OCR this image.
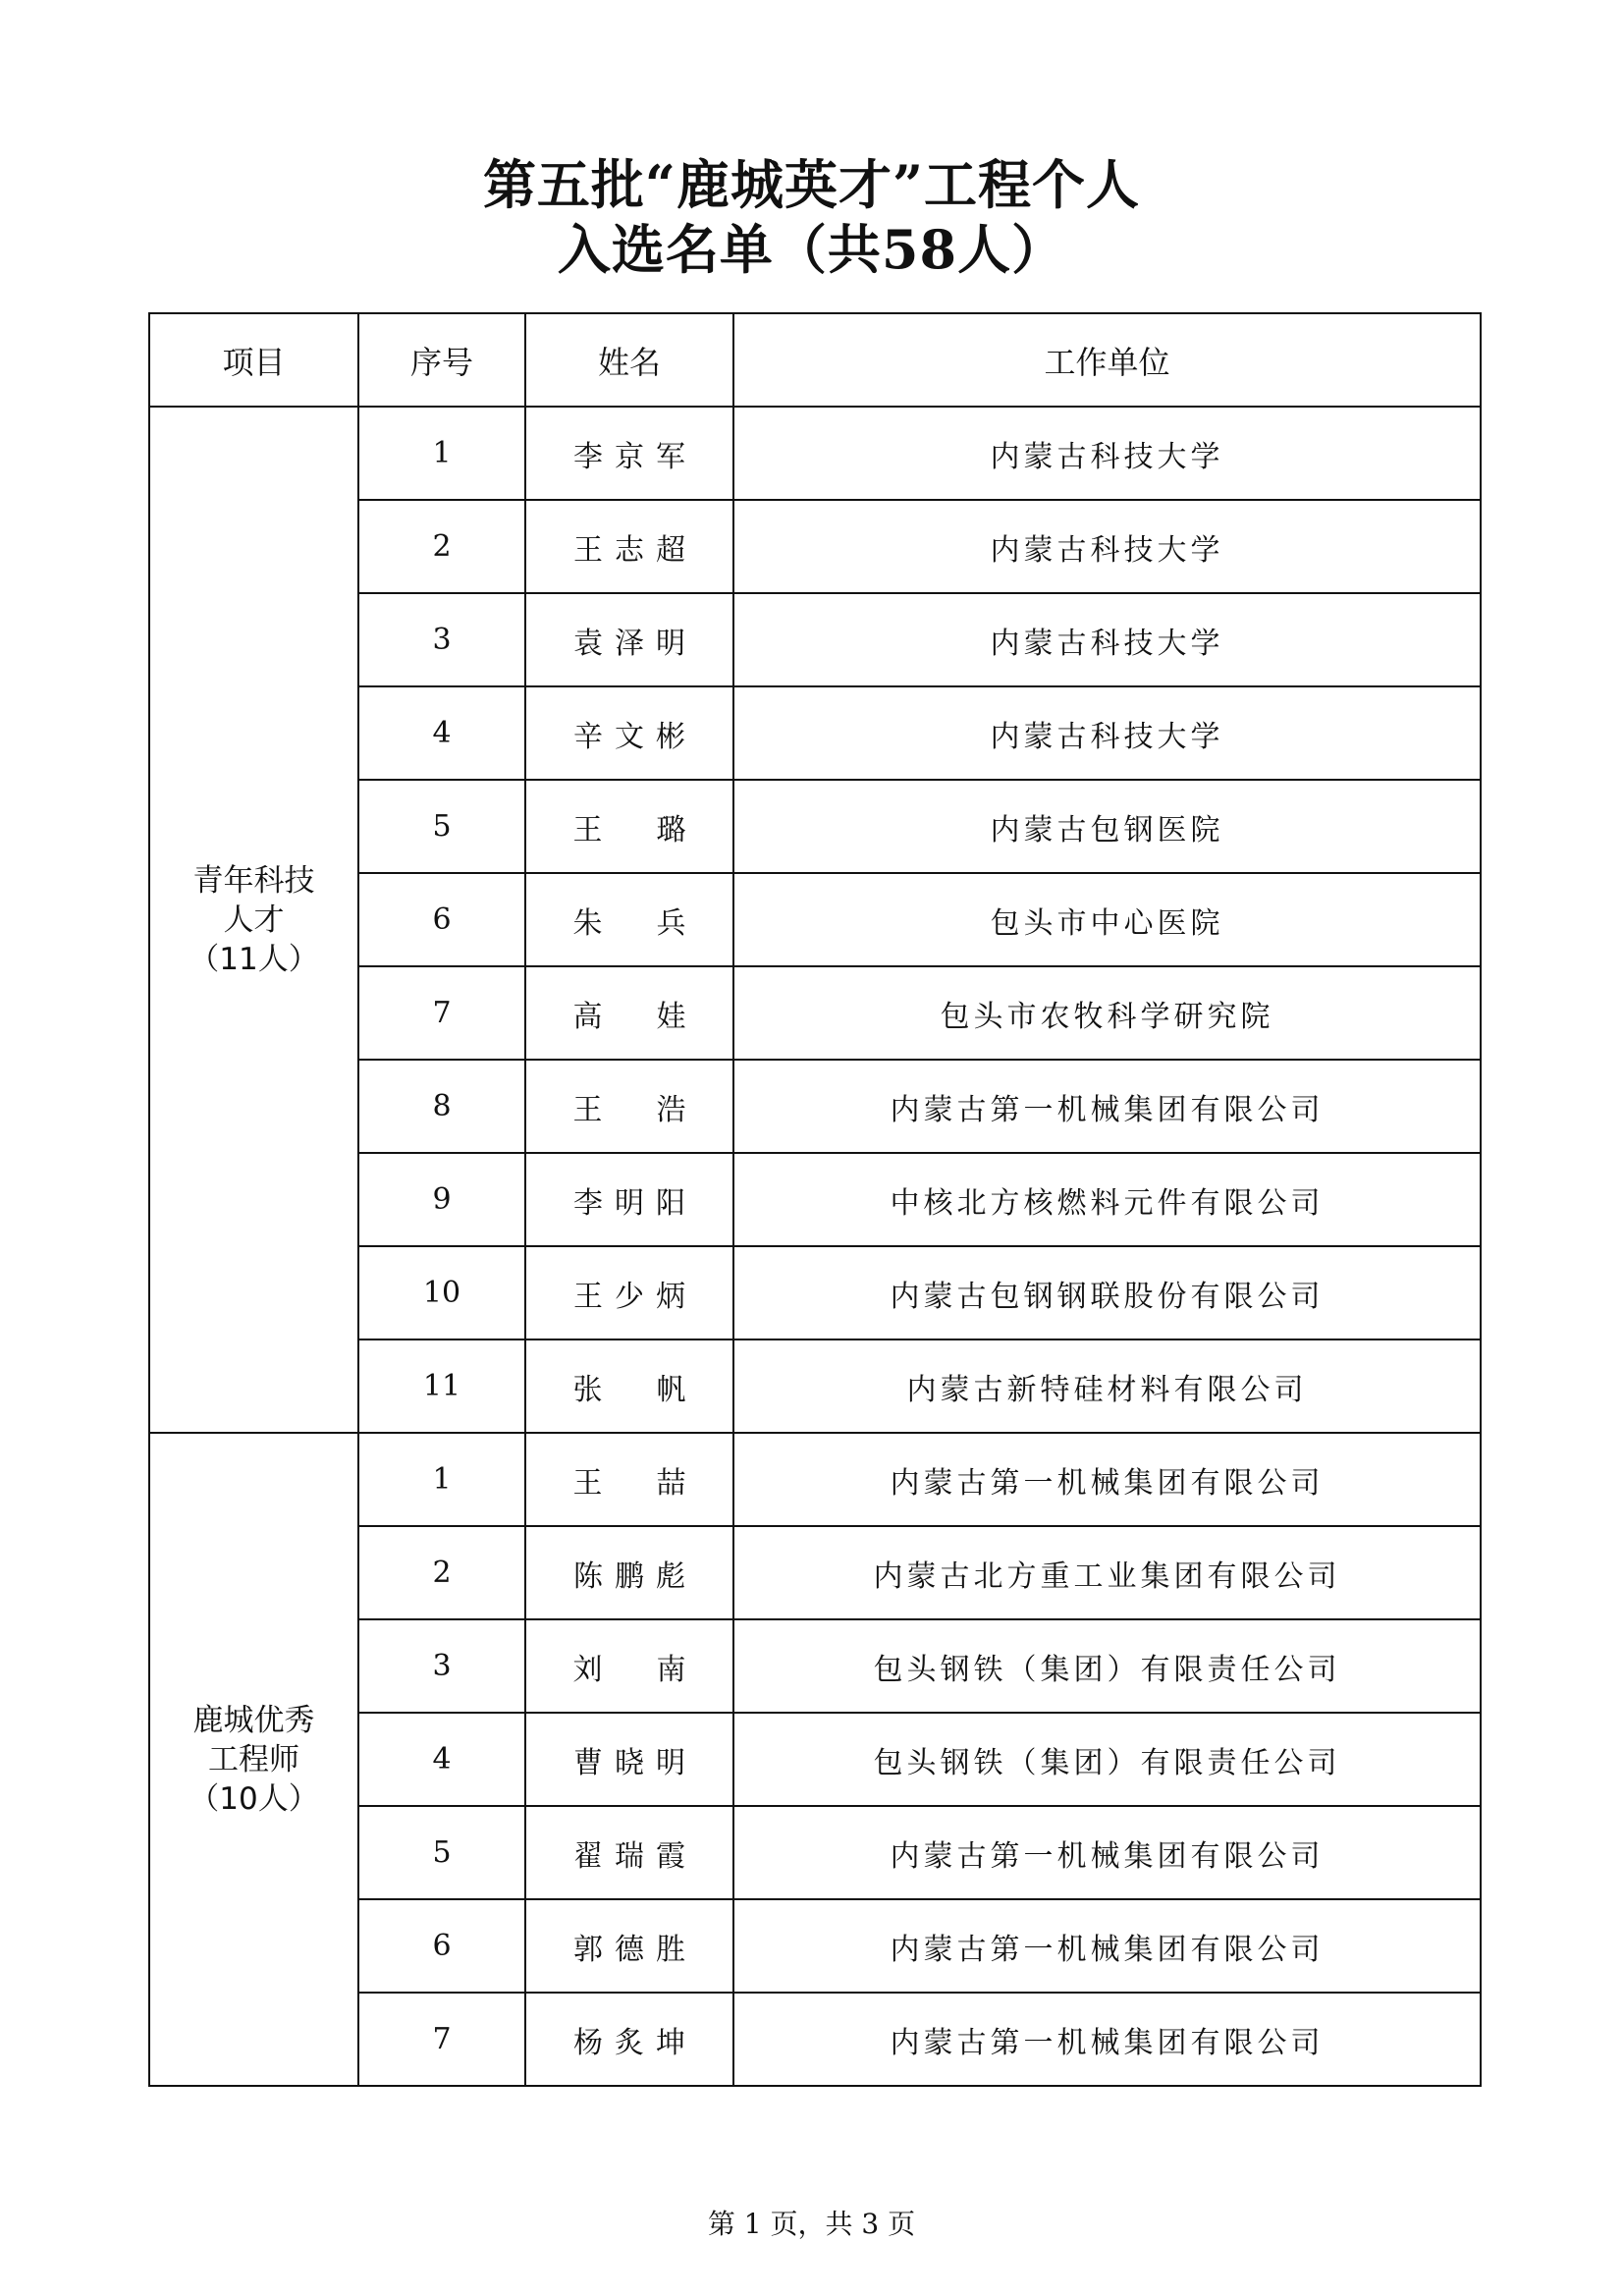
第五批“鹿城英才”工程个人
入选名单（共58人）
项目	序号	姓名	工作单位

青年科技
人才
（11人）	1	李京军	内蒙古科技大学
	2	王志超	内蒙古科技大学
	3	袁泽明	内蒙古科技大学
	4	辛文彬	内蒙古科技大学
	5	王  璐	内蒙古包钢医院
	6	朱  兵	包头市中心医院
	7	高  娃	包头市农牧科学研究院
	8	王  浩	内蒙古第一机械集团有限公司
	9	李明阳	中核北方核燃料元件有限公司
	10	王少炳	内蒙古包钢钢联股份有限公司
	11	张  帆	内蒙古新特硅材料有限公司

鹿城优秀
工程师
（10人）	1	王  喆	内蒙古第一机械集团有限公司
	2	陈鹏彪	内蒙古北方重工业集团有限公司
	3	刘  南	包头钢铁（集团）有限责任公司
	4	曹晓明	包头钢铁（集团）有限责任公司
	5	翟瑞霞	内蒙古第一机械集团有限公司
	6	郭德胜	内蒙古第一机械集团有限公司
	7	杨炙坤	内蒙古第一机械集团有限公司
第 1 页，共 3 页
